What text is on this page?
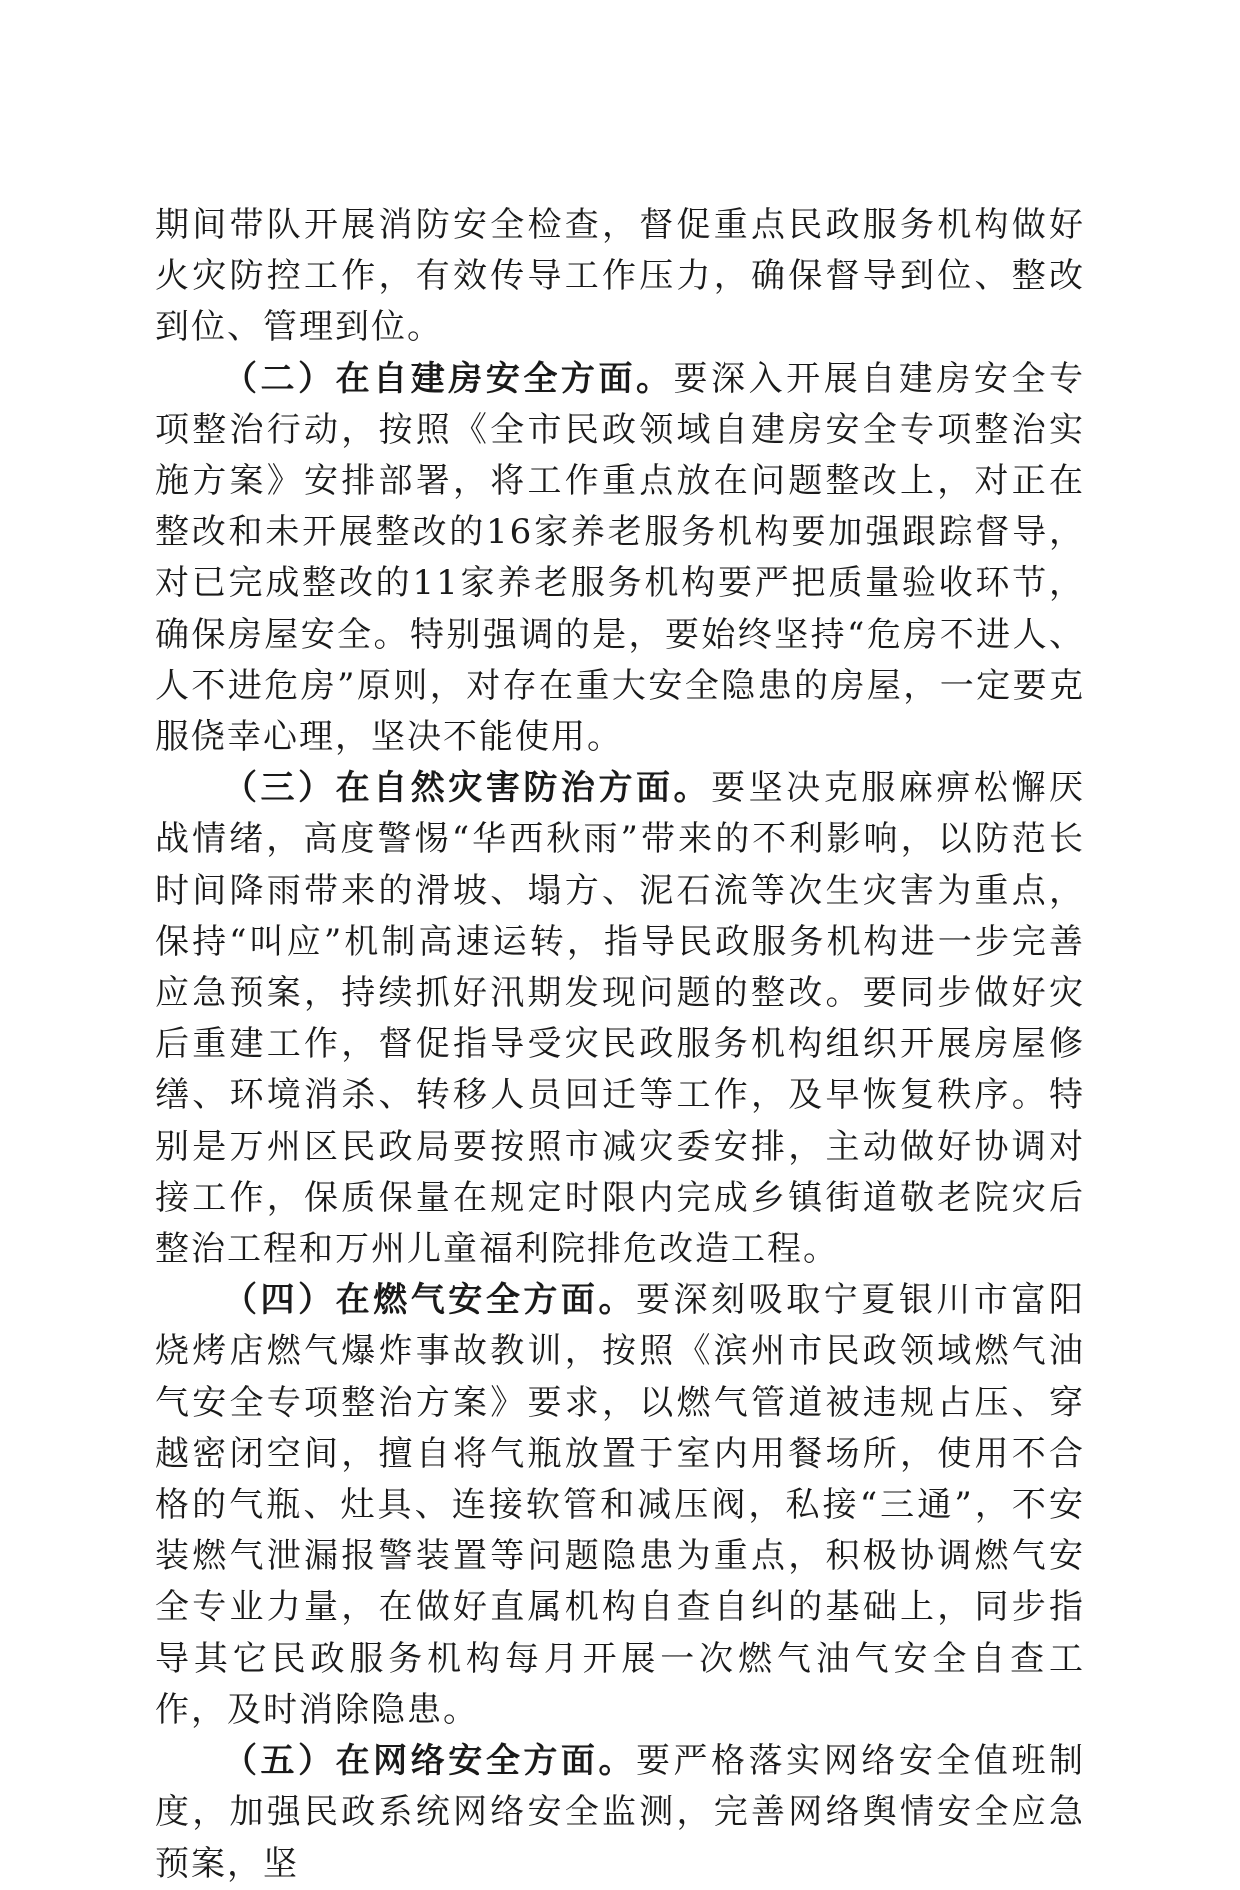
期间带队开展消防安全检查，督促重点民政服务机构做好火灾防控工作，有效传导工作压力，确保督导到位、整改到位、管理到位。

（二）在自建房安全方面。要深入开展自建房安全专项整治行动，按照《全市民政领域自建房安全专项整治实施方案》安排部署，将工作重点放在问题整改上，对正在整改和未开展整改的16家养老服务机构要加强跟踪督导，对已完成整改的11家养老服务机构要严把质量验收环节，确保房屋安全。特别强调的是，要始终坚持“危房不进人、人不进危房”原则，对存在重大安全隐患的房屋，一定要克服侥幸心理，坚决不能使用。

（三）在自然灾害防治方面。要坚决克服麻痹松懈厌战情绪，高度警惕“华西秋雨”带来的不利影响，以防范长时间降雨带来的滑坡、塌方、泥石流等次生灾害为重点，保持“叫应”机制高速运转，指导民政服务机构进一步完善应急预案，持续抓好汛期发现问题的整改。要同步做好灾后重建工作，督促指导受灾民政服务机构组织开展房屋修缮、环境消杀、转移人员回迁等工作，及早恢复秩序。特别是万州区民政局要按照市减灾委安排，主动做好协调对接工作，保质保量在规定时限内完成乡镇街道敬老院灾后整治工程和万州儿童福利院排危改造工程。

（四）在燃气安全方面。要深刻吸取宁夏银川市富阳烧烤店燃气爆炸事故教训，按照《滨州市民政领域燃气油气安全专项整治方案》要求，以燃气管道被违规占压、穿越密闭空间，擅自将气瓶放置于室内用餐场所，使用不合格的气瓶、灶具、连接软管和减压阀，私接“三通”，不安装燃气泄漏报警装置等问题隐患为重点，积极协调燃气安全专业力量，在做好直属机构自查自纠的基础上，同步指导其它民政服务机构每月开展一次燃气油气安全自查工作，及时消除隐患。

（五）在网络安全方面。要严格落实网络安全值班制度，加强民政系统网络安全监测，完善网络舆情安全应急预案，坚
